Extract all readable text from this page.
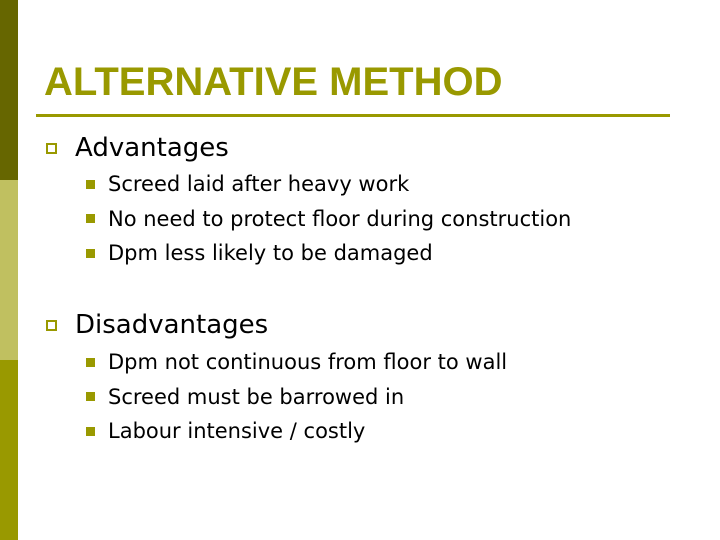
ALTERNATIVE METHOD
Advantages
Screed laid after heavy work
No need to protect floor during construction
Dpm less likely to be damaged
Disadvantages
Dpm not continuous from floor to wall
Screed must be barrowed in
Labour intensive / costly
